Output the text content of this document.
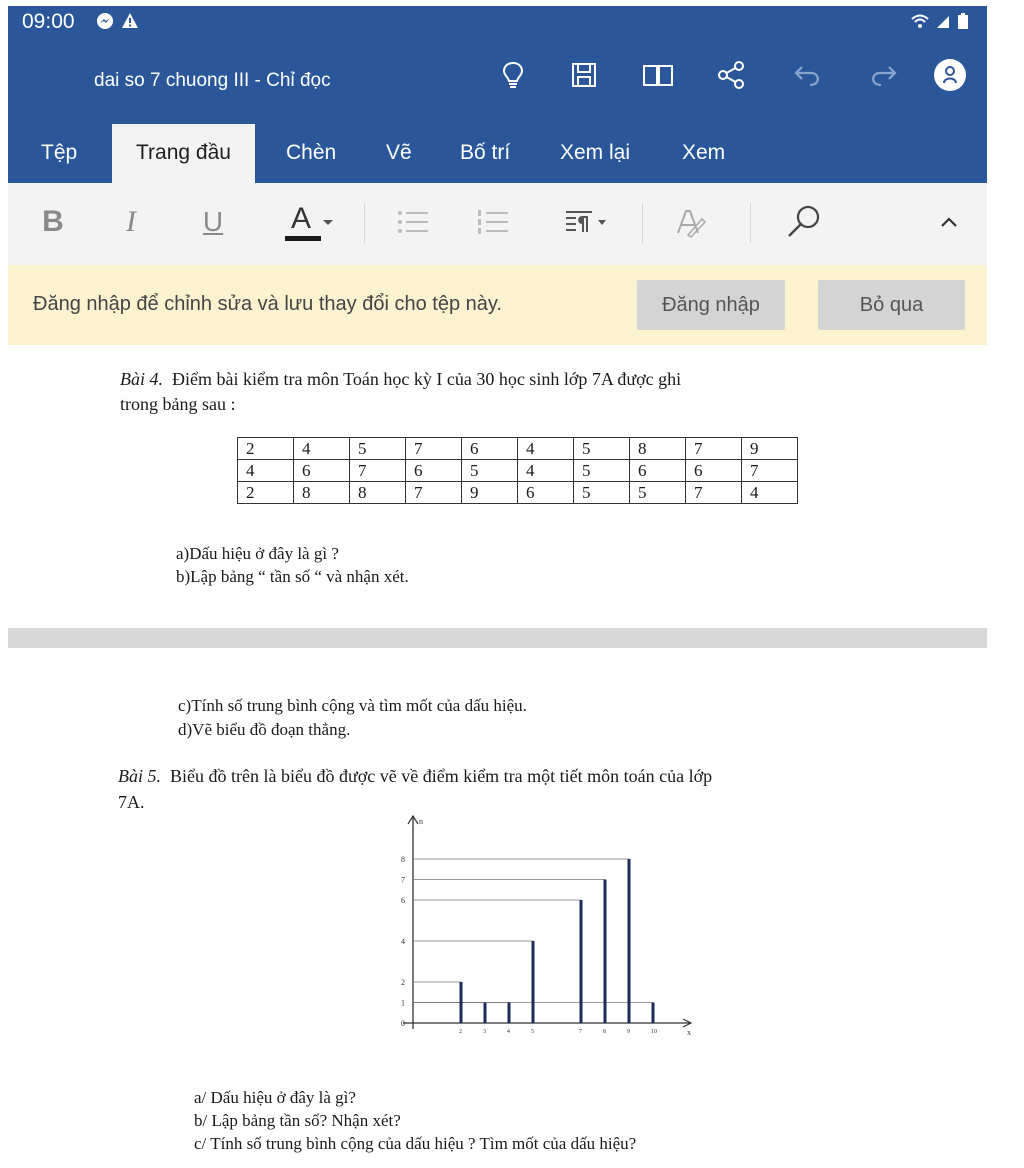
09:00
dai so 7 chuong III - Chỉ đọc
Tệp	Trang đầu	Chèn Vẽ Bố trí Xem lại Xem
B	I	U A
Đăng nhập để chỉnh sửa và lưu thay đổi cho tệp này.	Đăng nhập	Bỏ qua
Bài 4. Điểm bài kiểm tra môn Toán học kỳ I của 30 học sinh lớp 7A được ghi
trong bảng sau :
2	4	5	7	6	4	5	8	7	9
4	6	7	6	5	4	5	6	6	7
2	8	8	7	9	6	5	5	7	4
a)Dấu hiệu ở đây là gì ?
b)Lập bảng “ tần số “ và nhận xét.
c)Tính số trung bình cộng và tìm mốt của dấu hiệu.
d)Vẽ biểu đồ đoạn thẳng.
Bài 5. Biểu đồ trên là biểu đồ được vẽ về điểm kiểm tra một tiết môn toán của lớp
7A.
n
x
0
1
2
4
6
7
8
2	3	4	5	7	8	9	10
a/ Dấu hiệu ở đây là gì?
b/ Lập bảng tần số? Nhận xét?
c/ Tính số trung bình cộng của dấu hiệu ? Tìm mốt của dấu hiệu?
